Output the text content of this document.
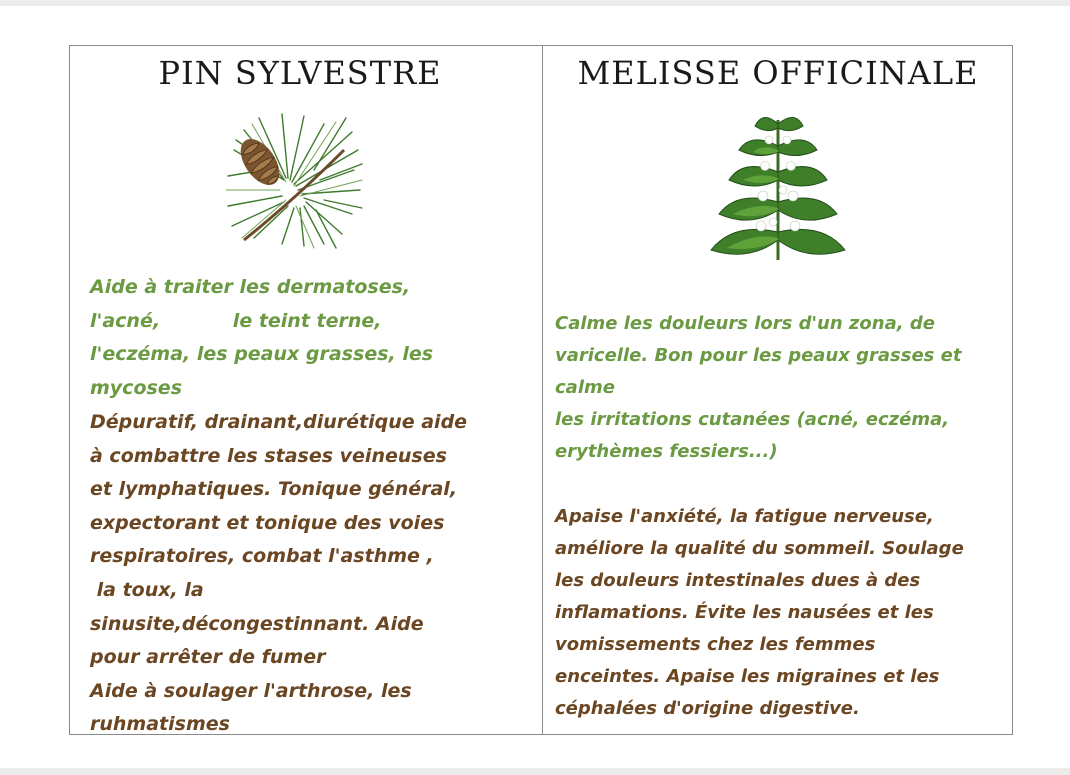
PIN SYLVESTRE
Aide à traiter les dermatoses,
l'acné,           le teint terne,
l'eczéma, les peaux grasses, les
mycoses
Dépuratif, drainant,diurétique aide
à combattre les stases veineuses
et lymphatiques. Tonique général,
expectorant et tonique des voies
respiratoires, combat l'asthme ,
la toux, la
sinusite,décongestinnant. Aide
pour arrêter de fumer
Aide à soulager l'arthrose, les
ruhmatismes
MELISSE OFFICINALE
Calme les douleurs lors d'un zona, de
varicelle. Bon pour les peaux grasses et
calme
les irritations cutanées (acné, eczéma,
erythèmes fessiers...)
Apaise l'anxiété, la fatigue nerveuse,
améliore la qualité du sommeil. Soulage
les douleurs intestinales dues à des
inflamations. Évite les nausées et les
vomissements chez les femmes
enceintes. Apaise les migraines et les
céphalées d'origine digestive.
